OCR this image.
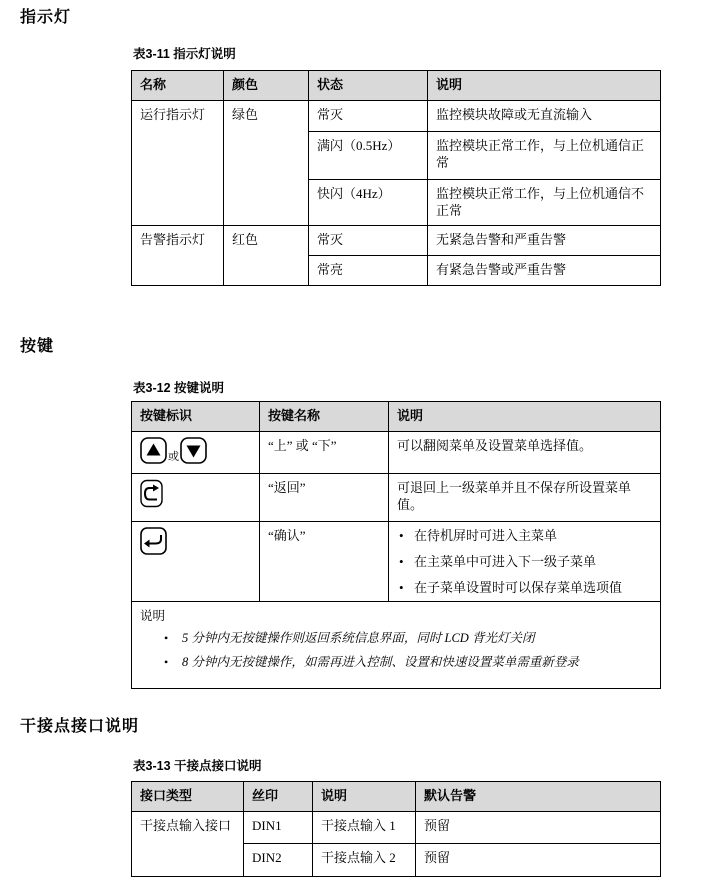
指示灯
表3-11 指示灯说明
名称	颜色	状态	说明
运行指示灯	绿色	常灭	监控模块故障或无直流输入
		满闪（0.5Hz）	监控模块正常工作，与上位机通信正常
		快闪（4Hz）	监控模块正常工作，与上位机通信不正常
告警指示灯	红色	常灭	无紧急告警和严重告警
		常亮	有紧急告警或严重告警
按键
表3-12 按键说明
按键标识	按键名称	说明

或	“上” 或 “下”	可以翻阅菜单及设置菜单选择值。

	“返回”	可退回上一级菜单并且不保存所设置菜单值。

	“确认”	• 在待机屏时可进入主菜单
• 在主菜单中可进入下一级子菜单
• 在子菜单设置时可以保存菜单选项值

说明
• 5 分钟内无按键操作则返回系统信息界面，同时 LCD 背光灯关闭
• 8 分钟内无按键操作，如需再进入控制、设置和快速设置菜单需重新登录
干接点接口说明
表3-13 干接点接口说明
接口类型	丝印	说明	默认告警
干接点输入接口	DIN1	干接点输入 1	预留
	DIN2	干接点输入 2	预留
